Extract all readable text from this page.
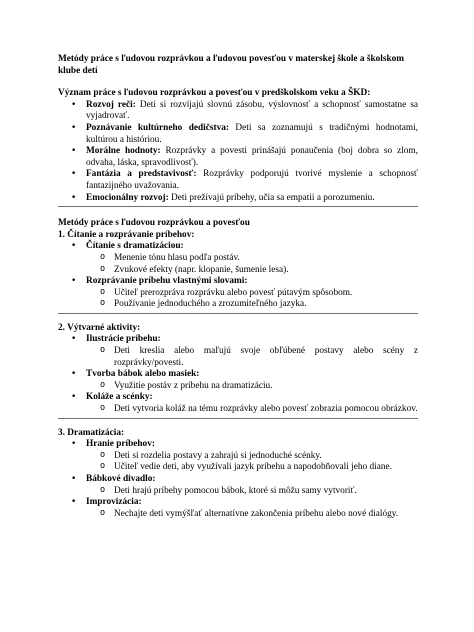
Metódy práce s ľudovou rozprávkou a ľudovou povesťou v materskej škole a školskom klube detí

Význam práce s ľudovou rozprávkou a povesťou v predškolskom veku a ŠKD:

• Rozvoj reči: Deti si rozvíjajú slovnú zásobu, výslovnosť a schopnosť samostatne sa vyjadrovať.
• Poznávanie kultúrneho dedičstva: Deti sa zoznamujú s tradičnými hodnotami, kultúrou a históriou.
• Morálne hodnoty: Rozprávky a povesti prinášajú ponaučenia (boj dobra so zlom, odvaha, láska, spravodlivosť).
• Fantázia a predstavivosť: Rozprávky podporujú tvorivé myslenie a schopnosť fantazijného uvažovania.
• Emocionálny rozvoj: Deti prežívajú príbehy, učia sa empatii a porozumeniu.

Metódy práce s ľudovou rozprávkou a povesťou

1. Čítanie a rozprávanie príbehov:

• Čítanie s dramatizáciou:
o Menenie tónu hlasu podľa postáv.
o Zvukové efekty (napr. klopanie, šumenie lesa).
• Rozprávanie príbehu vlastnými slovami:
o Učiteľ prerozpráva rozprávku alebo povesť pútavým spôsobom.
o Používanie jednoduchého a zrozumiteľného jazyka.

2. Výtvarné aktivity:

• Ilustrácie príbehu:
o Deti kreslia alebo maľujú svoje obľúbené postavy alebo scény z rozprávky/povesti.
• Tvorba bábok alebo masiek:
o Využitie postáv z príbehu na dramatizáciu.
• Koláže a scénky:
o Deti vytvoria koláž na tému rozprávky alebo povesť zobrazia pomocou obrázkov.

3. Dramatizácia:

• Hranie príbehov:
o Deti si rozdelia postavy a zahrajú si jednoduché scénky.
o Učiteľ vedie deti, aby využívali jazyk príbehu a napodobňovali jeho diane.
• Bábkové divadlo:
o Deti hrajú príbehy pomocou bábok, ktoré si môžu samy vytvoriť.
• Improvizácia:
o Nechajte deti vymýšľať alternatívne zakončenia príbehu alebo nové dialógy.
